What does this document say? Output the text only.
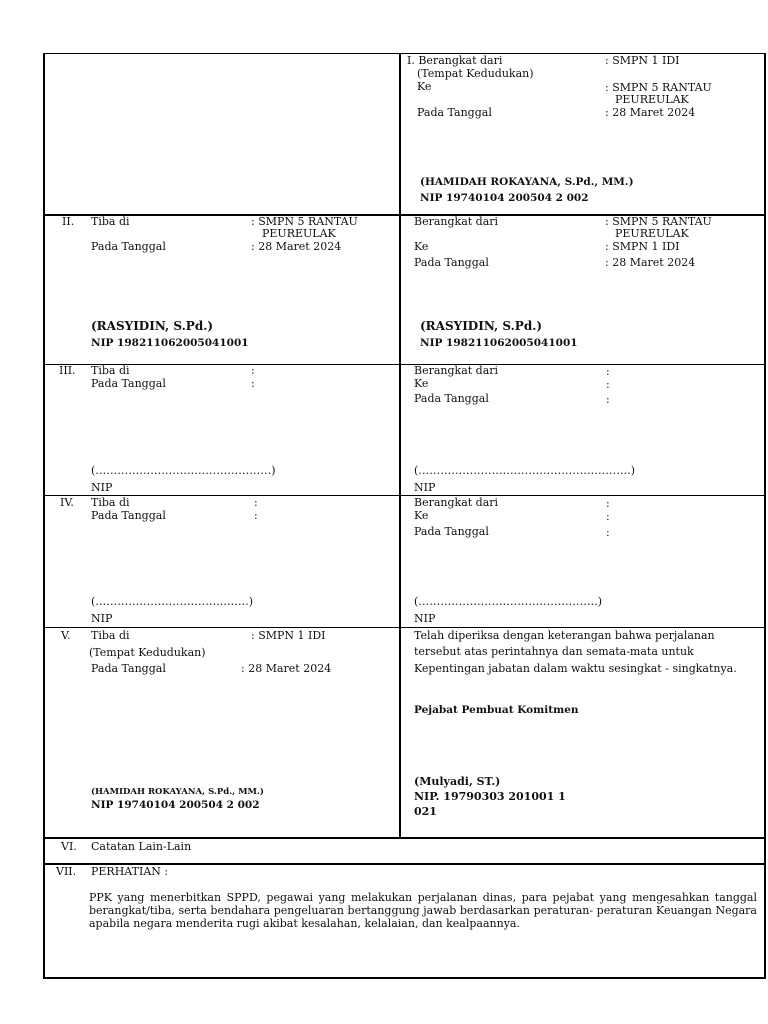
I. Berangkat dari	: SMPN 1 IDI
(Tempat Kedudukan)
Ke	: SMPN 5 RANTAU
PEUREULAK
Pada Tanggal	: 28 Maret 2024
(HAMIDAH ROKAYANA, S.Pd., MM.)
NIP 19740104 200504 2 002
II. Tiba di	: SMPN 5 RANTAU
PEUREULAK
Pada Tanggal	: 28 Maret 2024
(RASYIDIN, S.Pd.)
NIP 198211062005041001
Berangkat dari	: SMPN 5 RANTAU
PEUREULAK
Ke	: SMPN 1 IDI
Pada Tanggal	: 28 Maret 2024
(RASYIDIN, S.Pd.)
NIP 198211062005041001
III. Tiba di	:
Pada Tanggal	:
(…………………………………………)
NIP
Berangkat dari	:
Ke	:
Pada Tanggal	:
(………………………………………………….)
NIP
IV. Tiba di	:
Pada Tanggal	:
(……………………………..…….)
NIP
Berangkat dari	:
Ke	:
Pada Tanggal	:
(………………………………………….)
NIP
V. Tiba di	: SMPN 1 IDI
(Tempat Kedudukan)
Pada Tanggal	: 28 Maret 2024
(HAMIDAH ROKAYANA, S.Pd., MM.)
NIP 19740104 200504 2 002
Telah diperiksa dengan keterangan bahwa perjalanan
tersebut atas perintahnya dan semata-mata untuk
Kepentingan jabatan dalam waktu sesingkat - singkatnya.
Pejabat Pembuat Komitmen
(Mulyadi, ST.)
NIP. 19790303 201001 1
021
VI. Catatan Lain-Lain
VII. PERHATIAN :
PPK yang menerbitkan SPPD, pegawai yang melakukan perjalanan dinas, para pejabat yang mengesahkan tanggal berangkat/tiba, serta bendahara pengeluaran bertanggung jawab berdasarkan peraturan- peraturan Keuangan Negara apabila negara menderita rugi akibat kesalahan, kelalaian, dan kealpaannya.
